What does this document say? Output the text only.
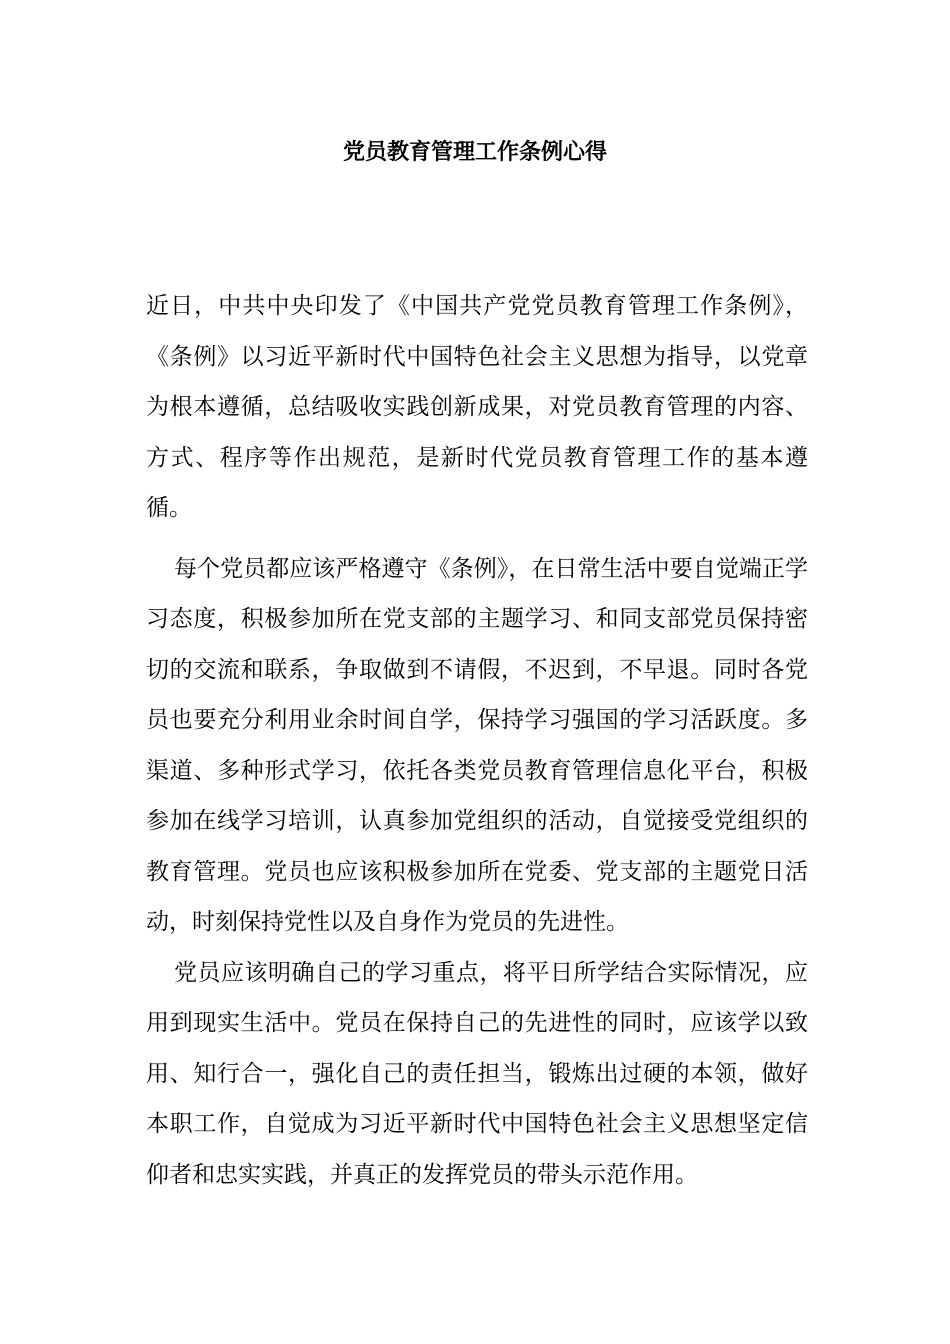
党员教育管理工作条例心得

近日，中共中央印发了《中国共产党党员教育管理工作条例》，《条例》以习近平新时代中国特色社会主义思想为指导，以党章为根本遵循，总结吸收实践创新成果，对党员教育管理的内容、方式、程序等作出规范，是新时代党员教育管理工作的基本遵循。

每个党员都应该严格遵守《条例》，在日常生活中要自觉端正学习态度，积极参加所在党支部的主题学习、和同支部党员保持密切的交流和联系，争取做到不请假，不迟到，不早退。同时各党员也要充分利用业余时间自学，保持学习强国的学习活跃度。多渠道、多种形式学习，依托各类党员教育管理信息化平台，积极参加在线学习培训，认真参加党组织的活动，自觉接受党组织的教育管理。党员也应该积极参加所在党委、党支部的主题党日活动，时刻保持党性以及自身作为党员的先进性。

党员应该明确自己的学习重点，将平日所学结合实际情况，应用到现实生活中。党员在保持自己的先进性的同时，应该学以致用、知行合一，强化自己的责任担当，锻炼出过硬的本领，做好本职工作，自觉成为习近平新时代中国特色社会主义思想坚定信仰者和忠实实践，并真正的发挥党员的带头示范作用。
